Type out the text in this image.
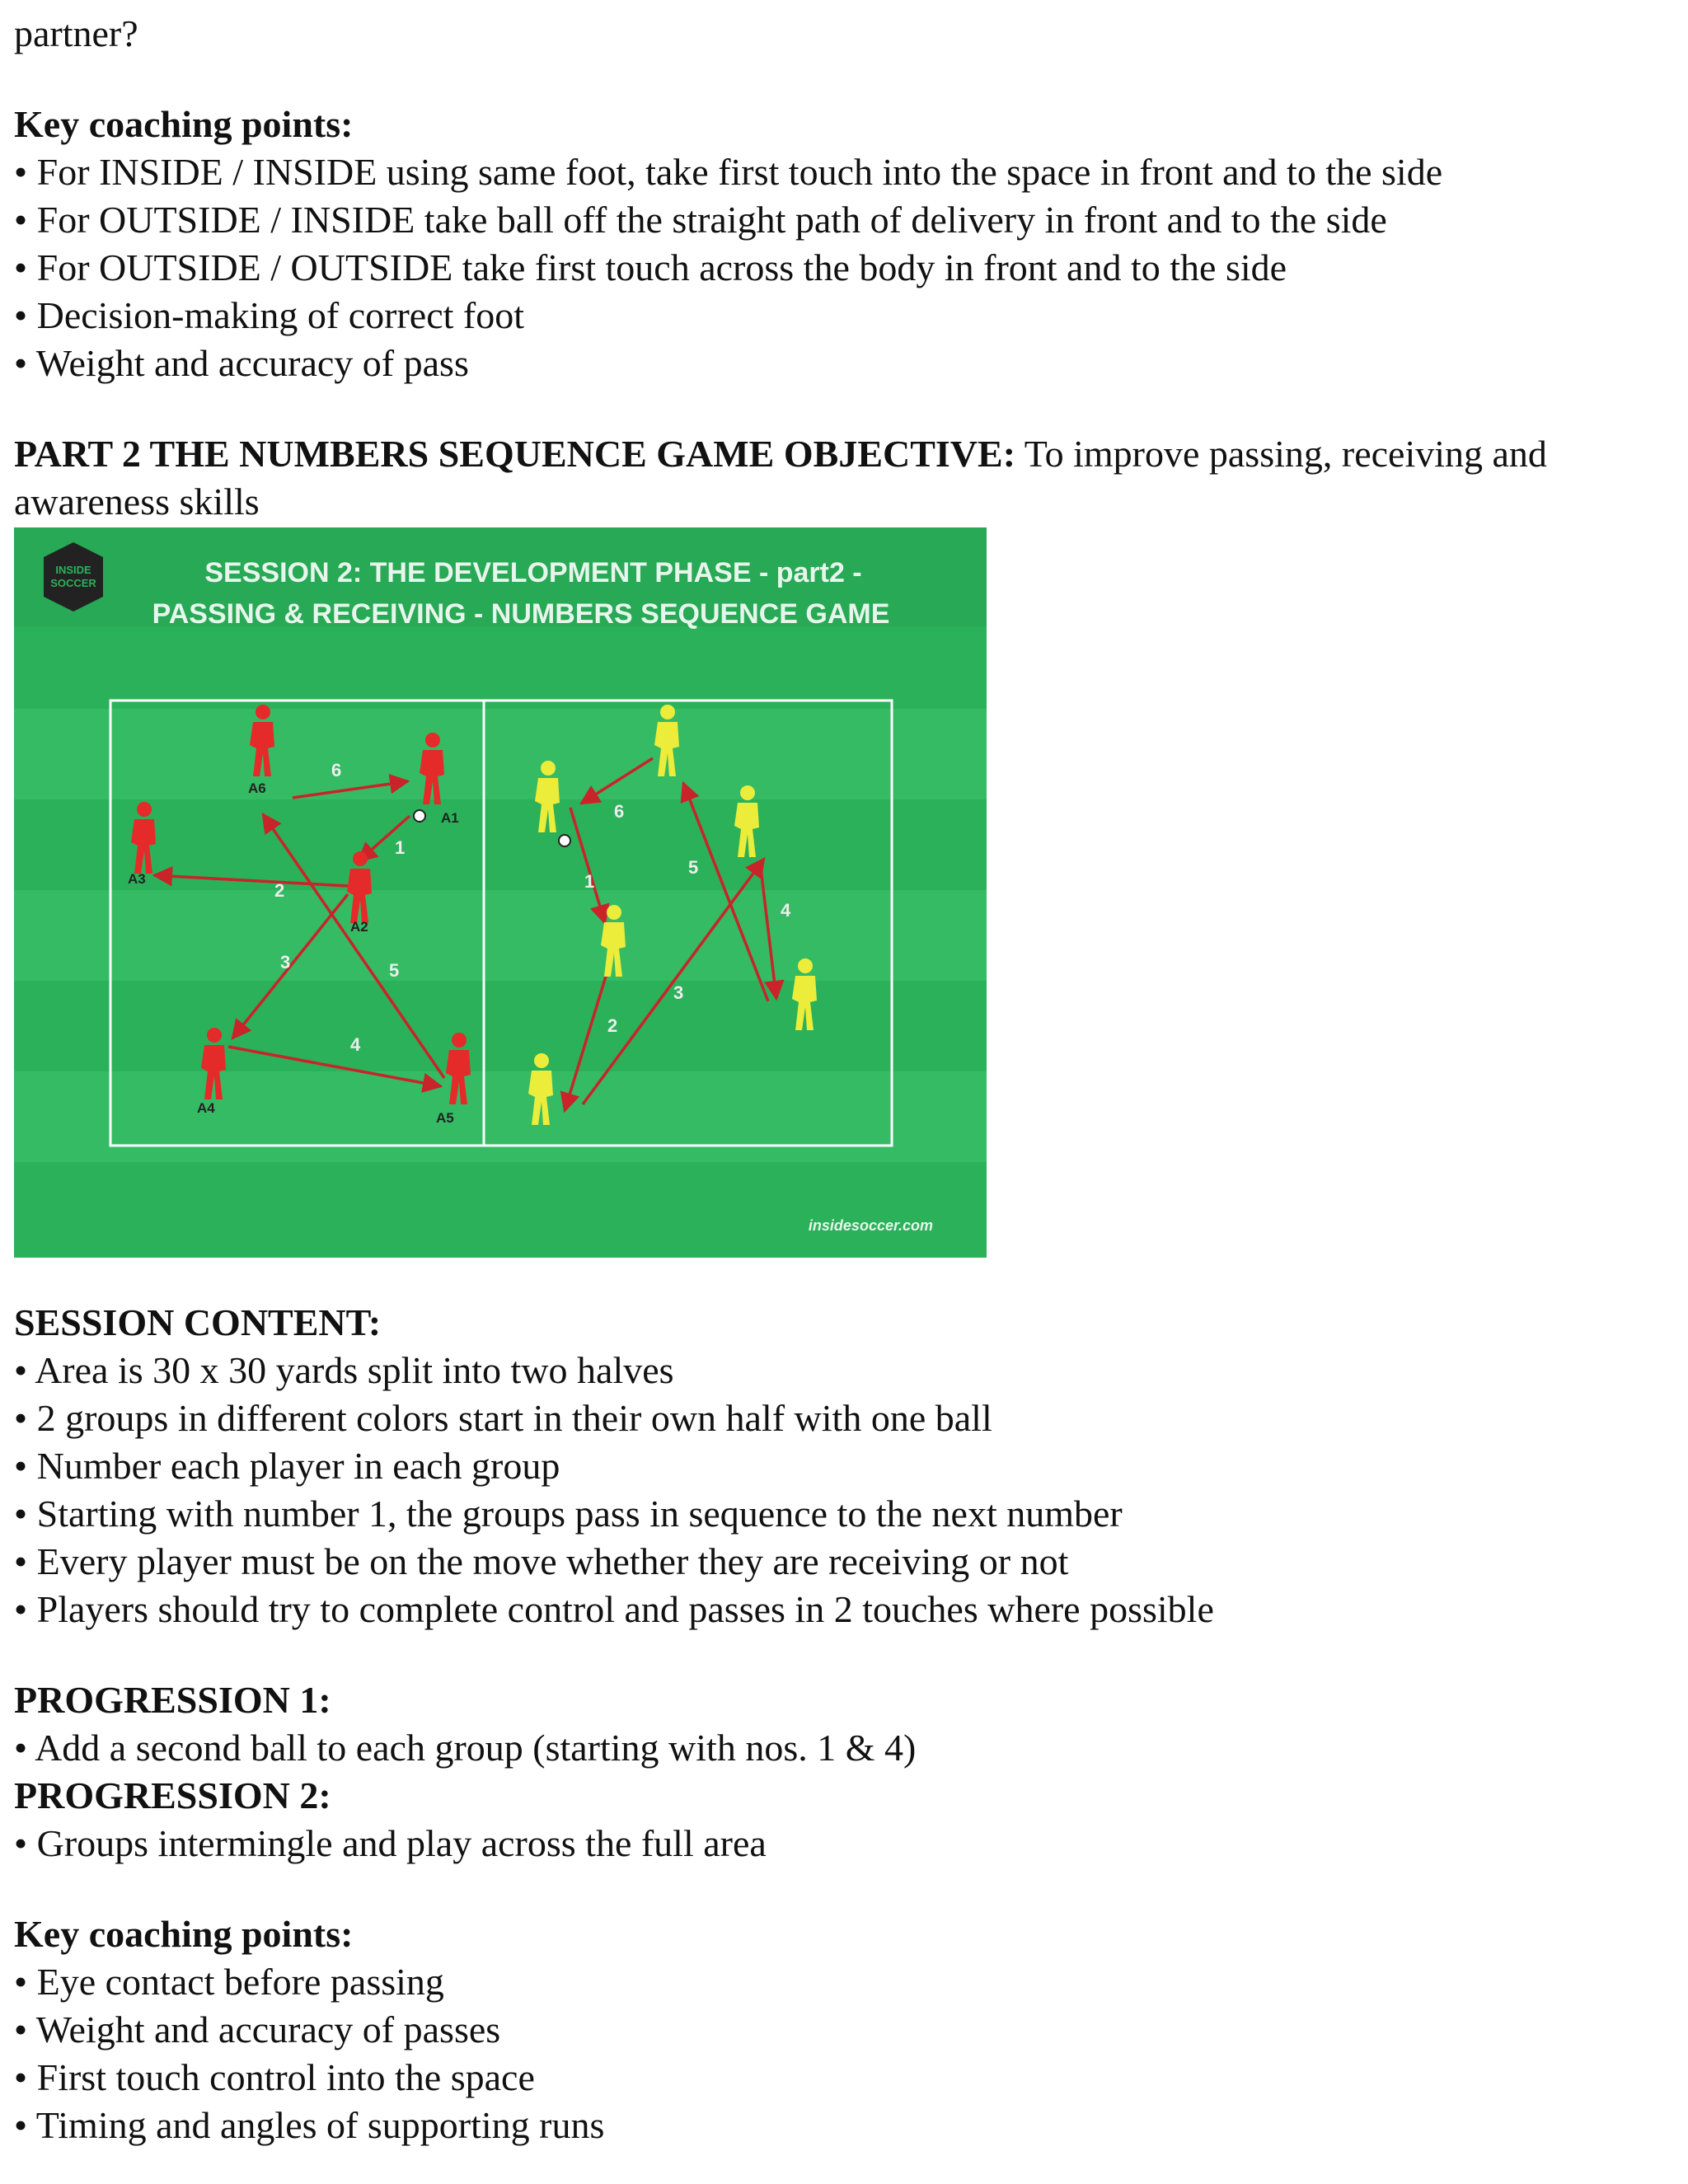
partner?

Key coaching points:

• For INSIDE / INSIDE using same foot, take first touch into the space in front and to the side

• For OUTSIDE / INSIDE take ball off the straight path of delivery in front and to the side

• For OUTSIDE / OUTSIDE take first touch across the body in front and to the side

• Decision-making of correct foot

• Weight and accuracy of pass

PART 2 THE NUMBERS SEQUENCE GAME OBJECTIVE: To improve passing, receiving and

awareness skills

INSIDE
SOCCER	SESSION 2: THE DEVELOPMENT PHASE - part2 -
PASSING & RECEIVING - NUMBERS SEQUENCE GAME
1
2
3
4
5
6
1
2
3
4
5
6
A1
A2
A3
A4
A5
A6
insidesoccer.com

SESSION CONTENT:

• Area is 30 x 30 yards split into two halves

• 2 groups in different colors start in their own half with one ball

• Number each player in each group

• Starting with number 1, the groups pass in sequence to the next number

• Every player must be on the move whether they are receiving or not

• Players should try to complete control and passes in 2 touches where possible

PROGRESSION 1:

• Add a second ball to each group (starting with nos. 1 & 4)

PROGRESSION 2:

• Groups intermingle and play across the full area

Key coaching points:

• Eye contact before passing

• Weight and accuracy of passes

• First touch control into the space

• Timing and angles of supporting runs
